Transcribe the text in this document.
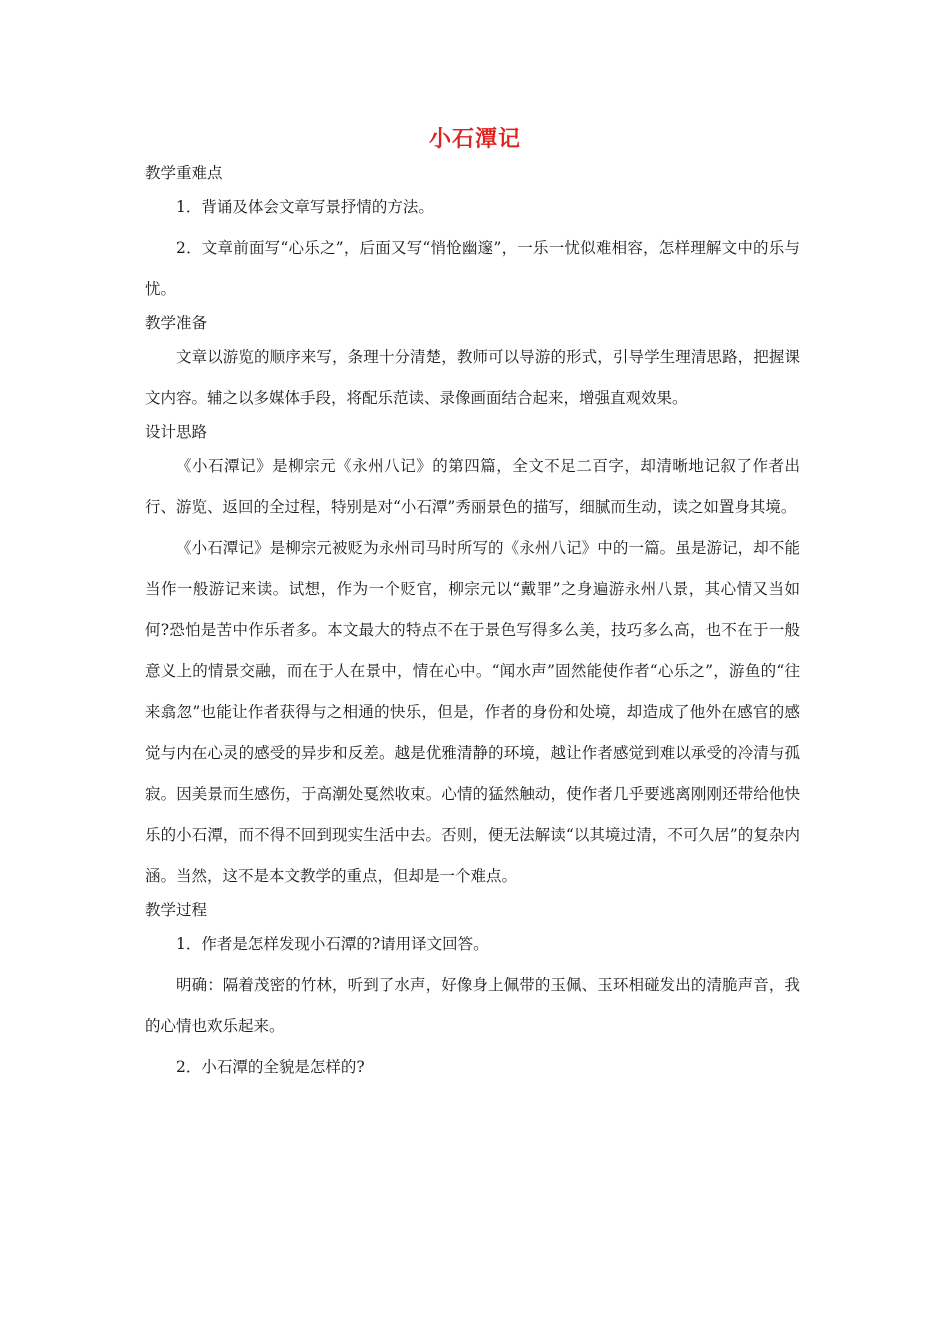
小石潭记
教学重难点
1．背诵及体会文章写景抒情的方法。
2．文章前面写“心乐之”，后面又写“悄怆幽邃”，一乐一忧似难相容，怎样理解文中的乐与忧。
教学准备
文章以游览的顺序来写，条理十分清楚，教师可以导游的形式，引导学生理清思路，把握课文内容。辅之以多媒体手段，将配乐范读、录像画面结合起来，增强直观效果。
设计思路
《小石潭记》是柳宗元《永州八记》的第四篇，全文不足二百字，却清晰地记叙了作者出行、游览、返回的全过程，特别是对“小石潭”秀丽景色的描写，细腻而生动，读之如置身其境。
《小石潭记》是柳宗元被贬为永州司马时所写的《永州八记》中的一篇。虽是游记，却不能当作一般游记来读。试想，作为一个贬官，柳宗元以“戴罪”之身遍游永州八景，其心情又当如何?恐怕是苦中作乐者多。本文最大的特点不在于景色写得多么美，技巧多么高，也不在于一般意义上的情景交融，而在于人在景中，情在心中。“闻水声”固然能使作者“心乐之”，游鱼的“往来翕忽”也能让作者获得与之相通的快乐，但是，作者的身份和处境，却造成了他外在感官的感觉与内在心灵的感受的异步和反差。越是优雅清静的环境，越让作者感觉到难以承受的冷清与孤寂。因美景而生感伤，于高潮处戛然收束。心情的猛然触动，使作者几乎要逃离刚刚还带给他快乐的小石潭，而不得不回到现实生活中去。否则，便无法解读“以其境过清，不可久居”的复杂内涵。当然，这不是本文教学的重点，但却是一个难点。
教学过程
1．作者是怎样发现小石潭的?请用译文回答。
明确：隔着茂密的竹林，听到了水声，好像身上佩带的玉佩、玉环相碰发出的清脆声音，我的心情也欢乐起来。
2．小石潭的全貌是怎样的?
